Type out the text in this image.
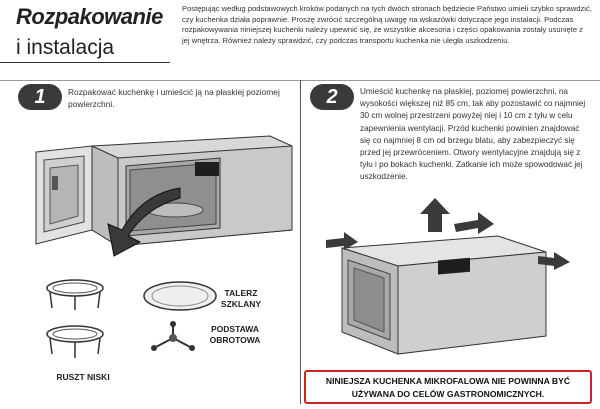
Rozpakowanie
i instalacja
Postępując według podstawowych kroków podanych na tych dwóch stronach będziecie Państwo umieli szybko sprawdzić, czy kuchenka działa poprawnie. Proszę zwrócić szczególną uwagę na wskazówki dotyczące jego instalacji. Podczas rozpakowywania niniejszej kuchenki należy upewnić się, że wszystkie akcesoria i części opakowania zostały usunięte z jej wnętrza. Również należy sprawdzić, czy podczas transportu kuchenka nie uległa uszkodzeniu.
1	Rozpakować kuchenkę i umieścić ją na płaskiej poziomej powierzchni.
RUSZT NISKI
TALERZ SZKLANY
PODSTAWA OBROTOWA
2	Umieścić kuchenkę na płaskiej, poziomej powierzchni, na wysokości większej niż 85 cm, tak aby pozostawić co najmniej 30 cm wolnej przestrzeni powyżej niej i 10 cm z tyłu w celu zapewnienia wentylacji. Przód kuchenki powinien znajdować się co najmniej 8 cm od brzegu blatu, aby zabezpieczyć się przed jej przewróceniem. Otwory wentylacyjne znajdują się z tyłu i po bokach kuchenki. Zatkanie ich może spowodować jej uszkodzenie.
NINIEJSZA KUCHENKA MIKROFALOWA NIE POWINNA BYĆ UŻYWANA DO CELÓW GASTRONOMICZNYCH.
